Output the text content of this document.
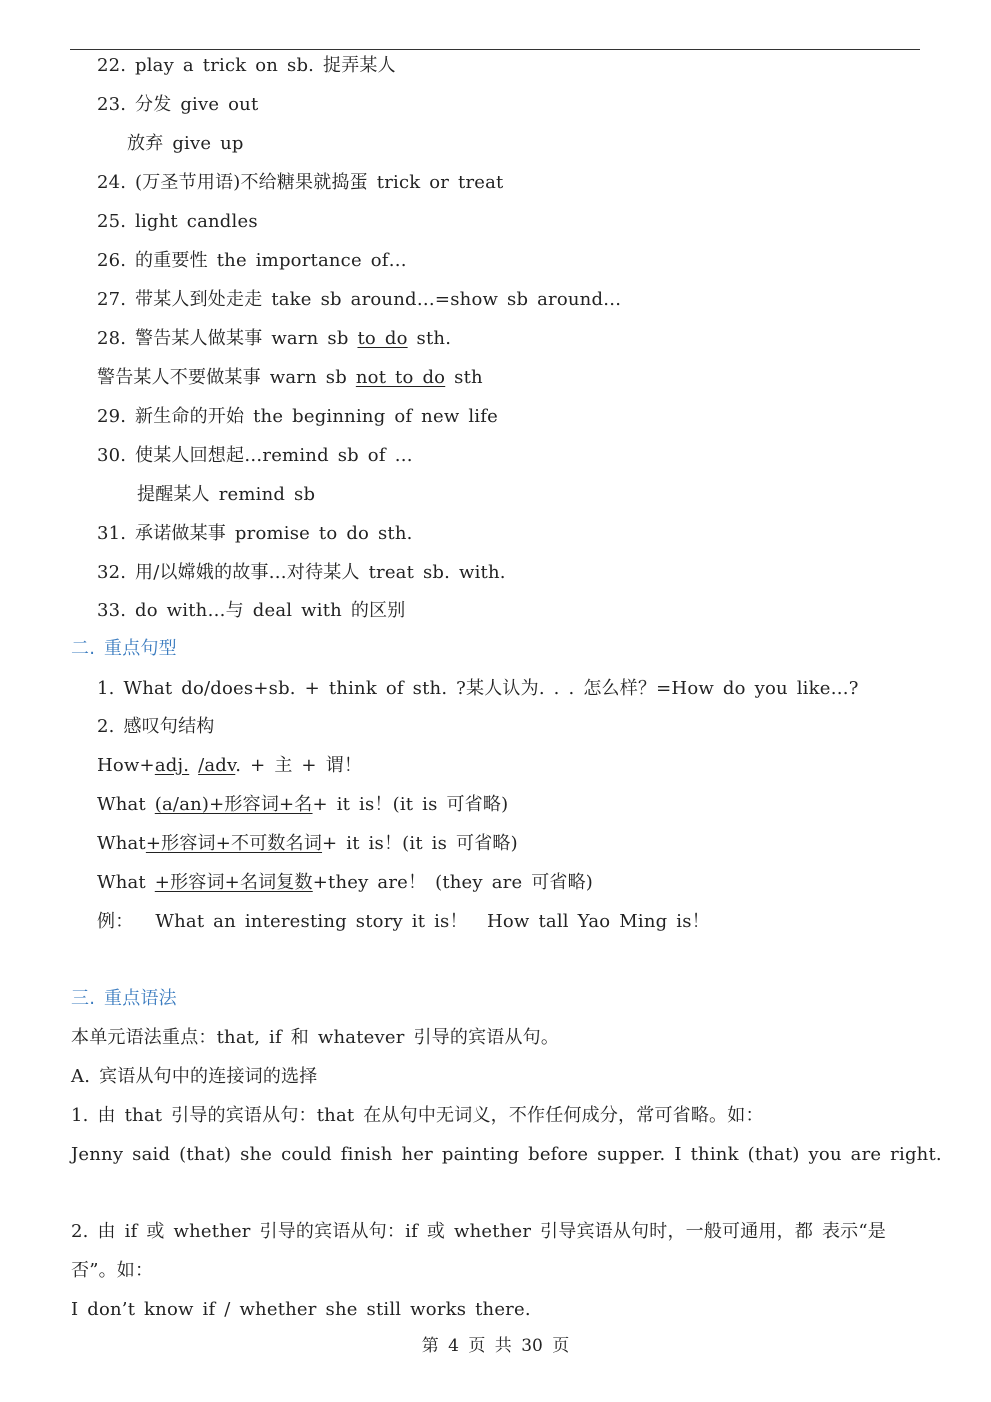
22. play a trick on sb. 捉弄某人
23. 分发 give out
放弃 give up
24. (万圣节用语)不给糖果就捣蛋 trick or treat
25. light candles
26. 的重要性 the importance of…
27. 带某人到处走走 take sb around…=show sb around…
28. 警告某人做某事 warn sb to do sth.
警告某人不要做某事 warn sb not to do sth
29. 新生命的开始 the beginning of new life
30. 使某人回想起…remind sb of …
提醒某人 remind sb
31. 承诺做某事 promise to do sth.
32. 用/以嫦娥的故事…对待某人 treat sb. with.
33. do with…与 deal with 的区别
二. 重点句型
1. What do/does+sb. + think of sth. ?某人认为. . . 怎么样？=How do you like…?
2. 感叹句结构
How+adj. /adv. + 主 + 谓！
What (a/an)+形容词+名+ it is！(it is 可省略)
What+形容词+不可数名词+ it is！(it is 可省略)
What +形容词+名词复数+they are！ (they are 可省略)
例： What an interesting story it is！ How tall Yao Ming is！
三. 重点语法
本单元语法重点：that, if 和 whatever 引导的宾语从句。
A. 宾语从句中的连接词的选择
1. 由 that 引导的宾语从句：that 在从句中无词义，不作任何成分，常可省略。如：
Jenny said (that) she could finish her painting before supper. I think (that) you are right.
2. 由 if 或 whether 引导的宾语从句：if 或 whether 引导宾语从句时，一般可通用，都 表示“是
否”。如：
I don’t know if / whether she still works there.
第 4 页 共 30 页
